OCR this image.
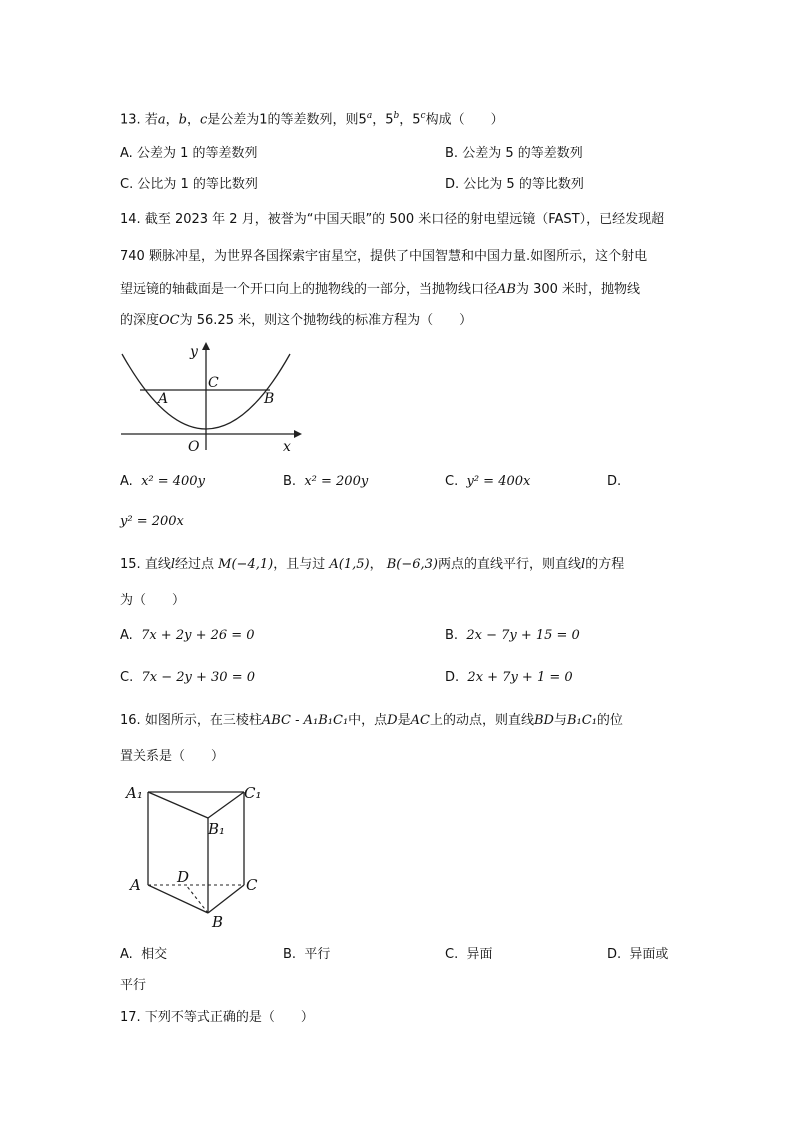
13. 若a，b，c是公差为1的等差数列，则5$^a$，5$^b$，5$^c$构成（　　）
A. 公差为 1 的等差数列	B. 公差为 5 的等差数列
C. 公比为 1 的等比数列	D. 公比为 5 的等比数列
14. 截至 2023 年 2 月，被誉为“中国天眼”的 500 米口径的射电望远镜（FAST），已经发现超
740 颗脉冲星，为世界各国探索宇宙星空，提供了中国智慧和中国力量.如图所示，这个射电
望远镜的轴截面是一个开口向上的抛物线的一部分，当抛物线口径AB为 300 米时，抛物线
的深度OC为 56.25 米，则这个抛物线的标准方程为（　　）
y
C
A	B
O	x
A. x² = 400y	B. x² = 200y	C. y² = 400x	D.
y² = 200x
15. 直线l经过点 M(−4,1)，且与过 A(1,5)， B(−6,3)两点的直线平行，则直线l的方程
为（　　）
A. 7x + 2y + 26 = 0	B. 2x − 7y + 15 = 0
C. 7x − 2y + 30 = 0	D. 2x + 7y + 1 = 0
16. 如图所示，在三棱柱ABC - A₁B₁C₁中，点D是AC上的动点，则直线BD与B₁C₁的位
置关系是（　　）
A₁	C₁
B₁
A D	C
B
A. 相交	B. 平行	C. 异面	D. 异面或
平行
17. 下列不等式正确的是（　　）
